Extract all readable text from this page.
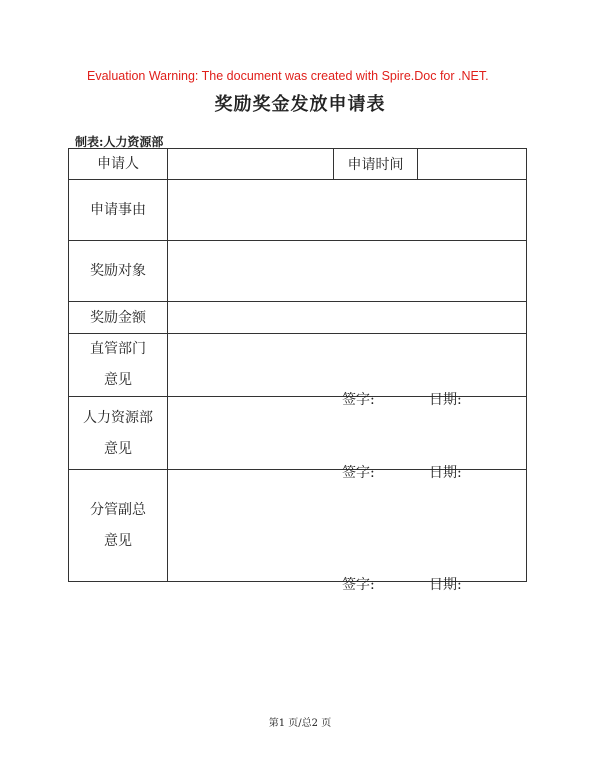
Evaluation Warning: The document was created with Spire.Doc for .NET.
奖励奖金发放申请表
制表:人力资源部
申请人		申请时间	
申请事由			
奖励对象			
奖励金额			

直管部门
意见	签字: 日期:		

人力资源部
意见	签字: 日期:		

分管副总
意见	签字: 日期:		
第1 页/总2 页
